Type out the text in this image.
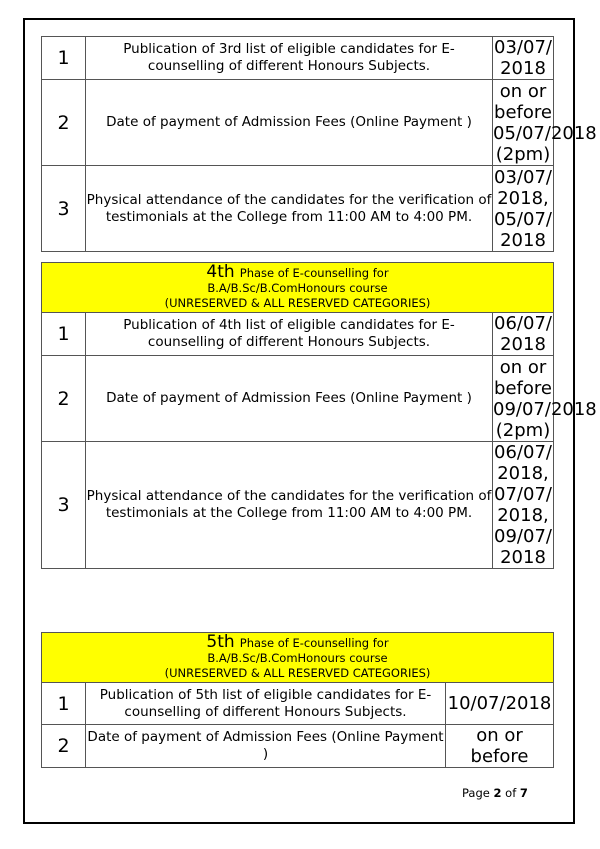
1	Publication of 3rd list of eligible candidates for E-counselling of different Honours Subjects.	03/07/2018
2	Date of payment of Admission Fees (Online Payment )	on or before 05/07/2018 (2pm)
3	Physical attendance of the candidates for the verification of testimonials at the College from 11:00 AM to 4:00 PM.	03/07/2018, 05/07/2018
4th Phase of E-counselling for
B.A/B.Sc/B.ComHonours course
(UNRESERVED & ALL RESERVED CATEGORIES)		

1	Publication of 4th list of eligible candidates for E-counselling of different Honours Subjects.	06/07/2018
2	Date of payment of Admission Fees (Online Payment )	on or before 09/07/2018 (2pm)
3	Physical attendance of the candidates for the verification of testimonials at the College from 11:00 AM to 4:00 PM.	06/07/2018, 07/07/2018, 09/07/2018
5th Phase of E-counselling for
B.A/B.Sc/B.ComHonours course
(UNRESERVED & ALL RESERVED CATEGORIES)		

1	Publication of 5th list of eligible candidates for E-counselling of different Honours Subjects.	10/07/2018
2	Date of payment of Admission Fees (Online Payment )	on or before
Page 2 of 7
